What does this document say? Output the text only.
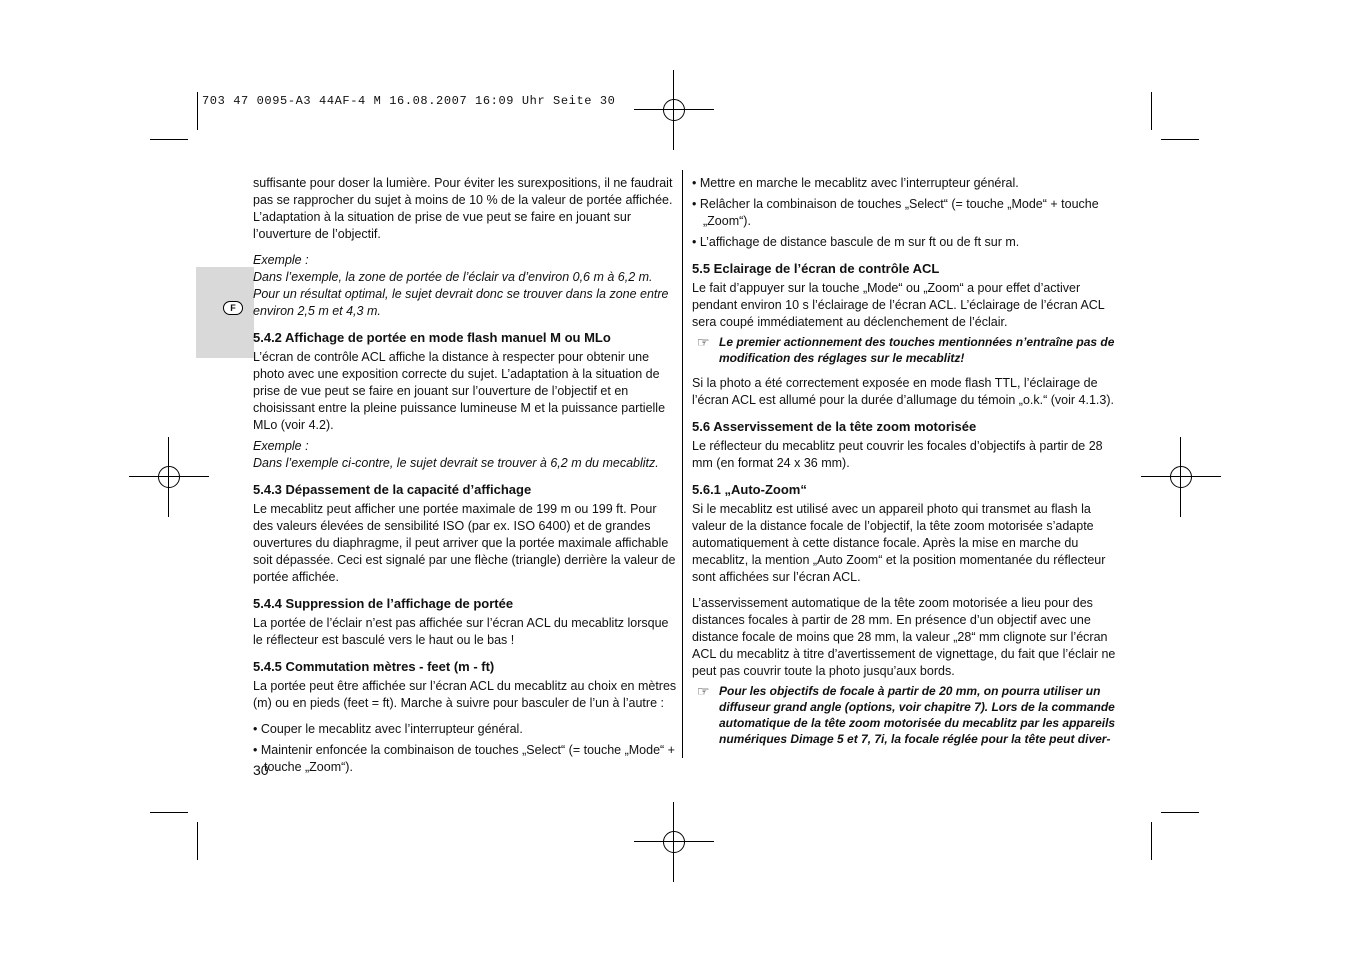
703 47 0095-A3 44AF-4 M 16.08.2007 16:09 Uhr Seite 30
F

suffisante pour doser la lumière. Pour éviter les surexpositions, il ne faudrait pas se rapprocher du sujet à moins de 10 % de la valeur de portée affichée. L’adaptation à la situation de prise de vue peut se faire en jouant sur l’ouverture de l’objectif.

Exemple :

Dans l’exemple, la zone de portée de l’éclair va d’environ 0,6 m à 6,2 m. Pour un résultat optimal, le sujet devrait donc se trouver dans la zone entre environ 2,5 m et 4,3 m.

5.4.2 Affichage de portée en mode flash manuel M ou MLo

L’écran de contrôle ACL affiche la distance à respecter pour obtenir une photo avec une exposition correcte du sujet. L’adaptation à la situation de prise de vue peut se faire en jouant sur l’ouverture de l’objectif et en choisissant entre la pleine puissance lumineuse M et la puissance partielle MLo (voir 4.2).

Exemple :

Dans l’exemple ci-contre, le sujet devrait se trouver à 6,2 m du mecablitz.

5.4.3 Dépassement de la capacité d’affichage

Le mecablitz peut afficher une portée maximale de 199 m ou 199 ft. Pour des valeurs élevées de sensibilité ISO (par ex. ISO 6400) et de grandes ouvertures du diaphragme, il peut arriver que la portée maximale affichable soit dépassée. Ceci est signalé par une flèche (triangle) derrière la valeur de portée affichée.

5.4.4 Suppression de l’affichage de portée

La portée de l’éclair n’est pas affichée sur l’écran ACL du mecablitz lorsque le réflecteur est basculé vers le haut ou le bas !

5.4.5 Commutation mètres - feet (m - ft)

La portée peut être affichée sur l’écran ACL du mecablitz au choix en mètres (m) ou en pieds (feet = ft). Marche à suivre pour basculer de l’un à l’autre :

• Couper le mecablitz avec l’interrupteur général.
• Maintenir enfoncée la combinaison de touches „Select“ (= touche „Mode“ + touche „Zoom“).
• Mettre en marche le mecablitz avec l’interrupteur général.
• Relâcher la combinaison de touches „Select“ (= touche „Mode“ + touche „Zoom“).
• L’affichage de distance bascule de m sur ft ou de ft sur m.
5.5 Eclairage de l’écran de contrôle ACL

Le fait d’appuyer sur la touche „Mode“ ou „Zoom“ a pour effet d’activer pendant environ 10 s l’éclairage de l’écran ACL. L’éclairage de l’écran ACL sera coupé immédiatement au déclenchement de l’éclair.

☞ Le premier actionnement des touches mentionnées n’entraîne pas de modification des réglages sur le mecablitz!

Si la photo a été correctement exposée en mode flash TTL, l’éclairage de l’écran ACL est allumé pour la durée d’allumage du témoin „o.k.“ (voir 4.1.3).

5.6 Asservissement de la tête zoom motorisée

Le réflecteur du mecablitz peut couvrir les focales d’objectifs à partir de 28 mm (en format 24 x 36 mm).

5.6.1 „Auto-Zoom“

Si le mecablitz est utilisé avec un appareil photo qui transmet au flash la valeur de la distance focale de l’objectif, la tête zoom motorisée s’adapte automatiquement à cette distance focale. Après la mise en marche du mecablitz, la mention „Auto Zoom“ et la position momentanée du réflecteur sont affichées sur l’écran ACL.

L’asservissement automatique de la tête zoom motorisée a lieu pour des distances focales à partir de 28 mm. En présence d’un objectif avec une distance focale de moins que 28 mm, la valeur „28“ mm clignote sur l’écran ACL du mecablitz à titre d’avertissement de vignettage, du fait que l’éclair ne peut pas couvrir toute la photo jusqu’aux bords.

☞ Pour les objectifs de focale à partir de 20 mm, on pourra utiliser un diffuseur grand angle (options, voir chapitre 7). Lors de la commande automatique de la tête zoom motorisée du mecablitz par les appareils numériques Dimage 5 et 7, 7i, la focale réglée pour la tête peut diver-
30
